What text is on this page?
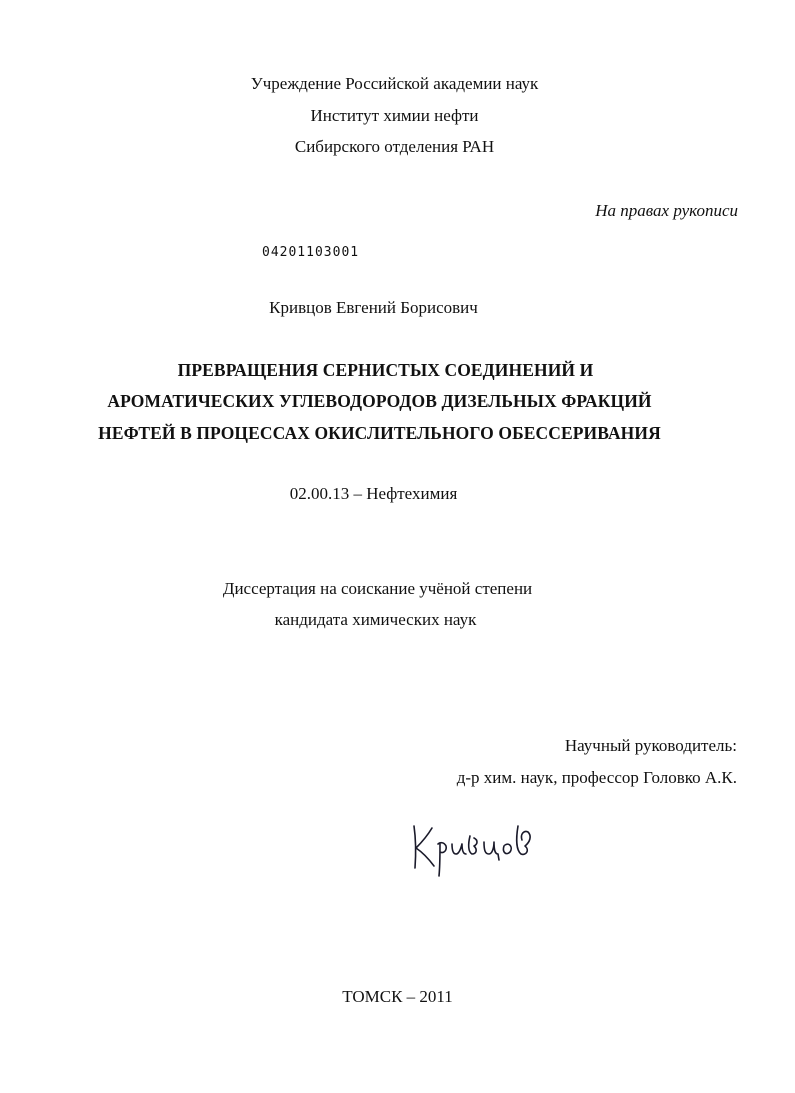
Учреждение Российской академии наук
Институт химии нефти
Сибирского отделения РАН
На правах рукописи
04201103001
Кривцов Евгений Борисович
ПРЕВРАЩЕНИЯ СЕРНИСТЫХ СОЕДИНЕНИЙ И
АРОМАТИЧЕСКИХ УГЛЕВОДОРОДОВ ДИЗЕЛЬНЫХ ФРАКЦИЙ
НЕФТЕЙ В ПРОЦЕССАХ ОКИСЛИТЕЛЬНОГО ОБЕССЕРИВАНИЯ
02.00.13 – Нефтехимия
Диссертация на соискание учёной степени
кандидата химических наук
Научный руководитель:
д-р хим. наук, профессор Головко А.К.
ТОМСК – 2011
